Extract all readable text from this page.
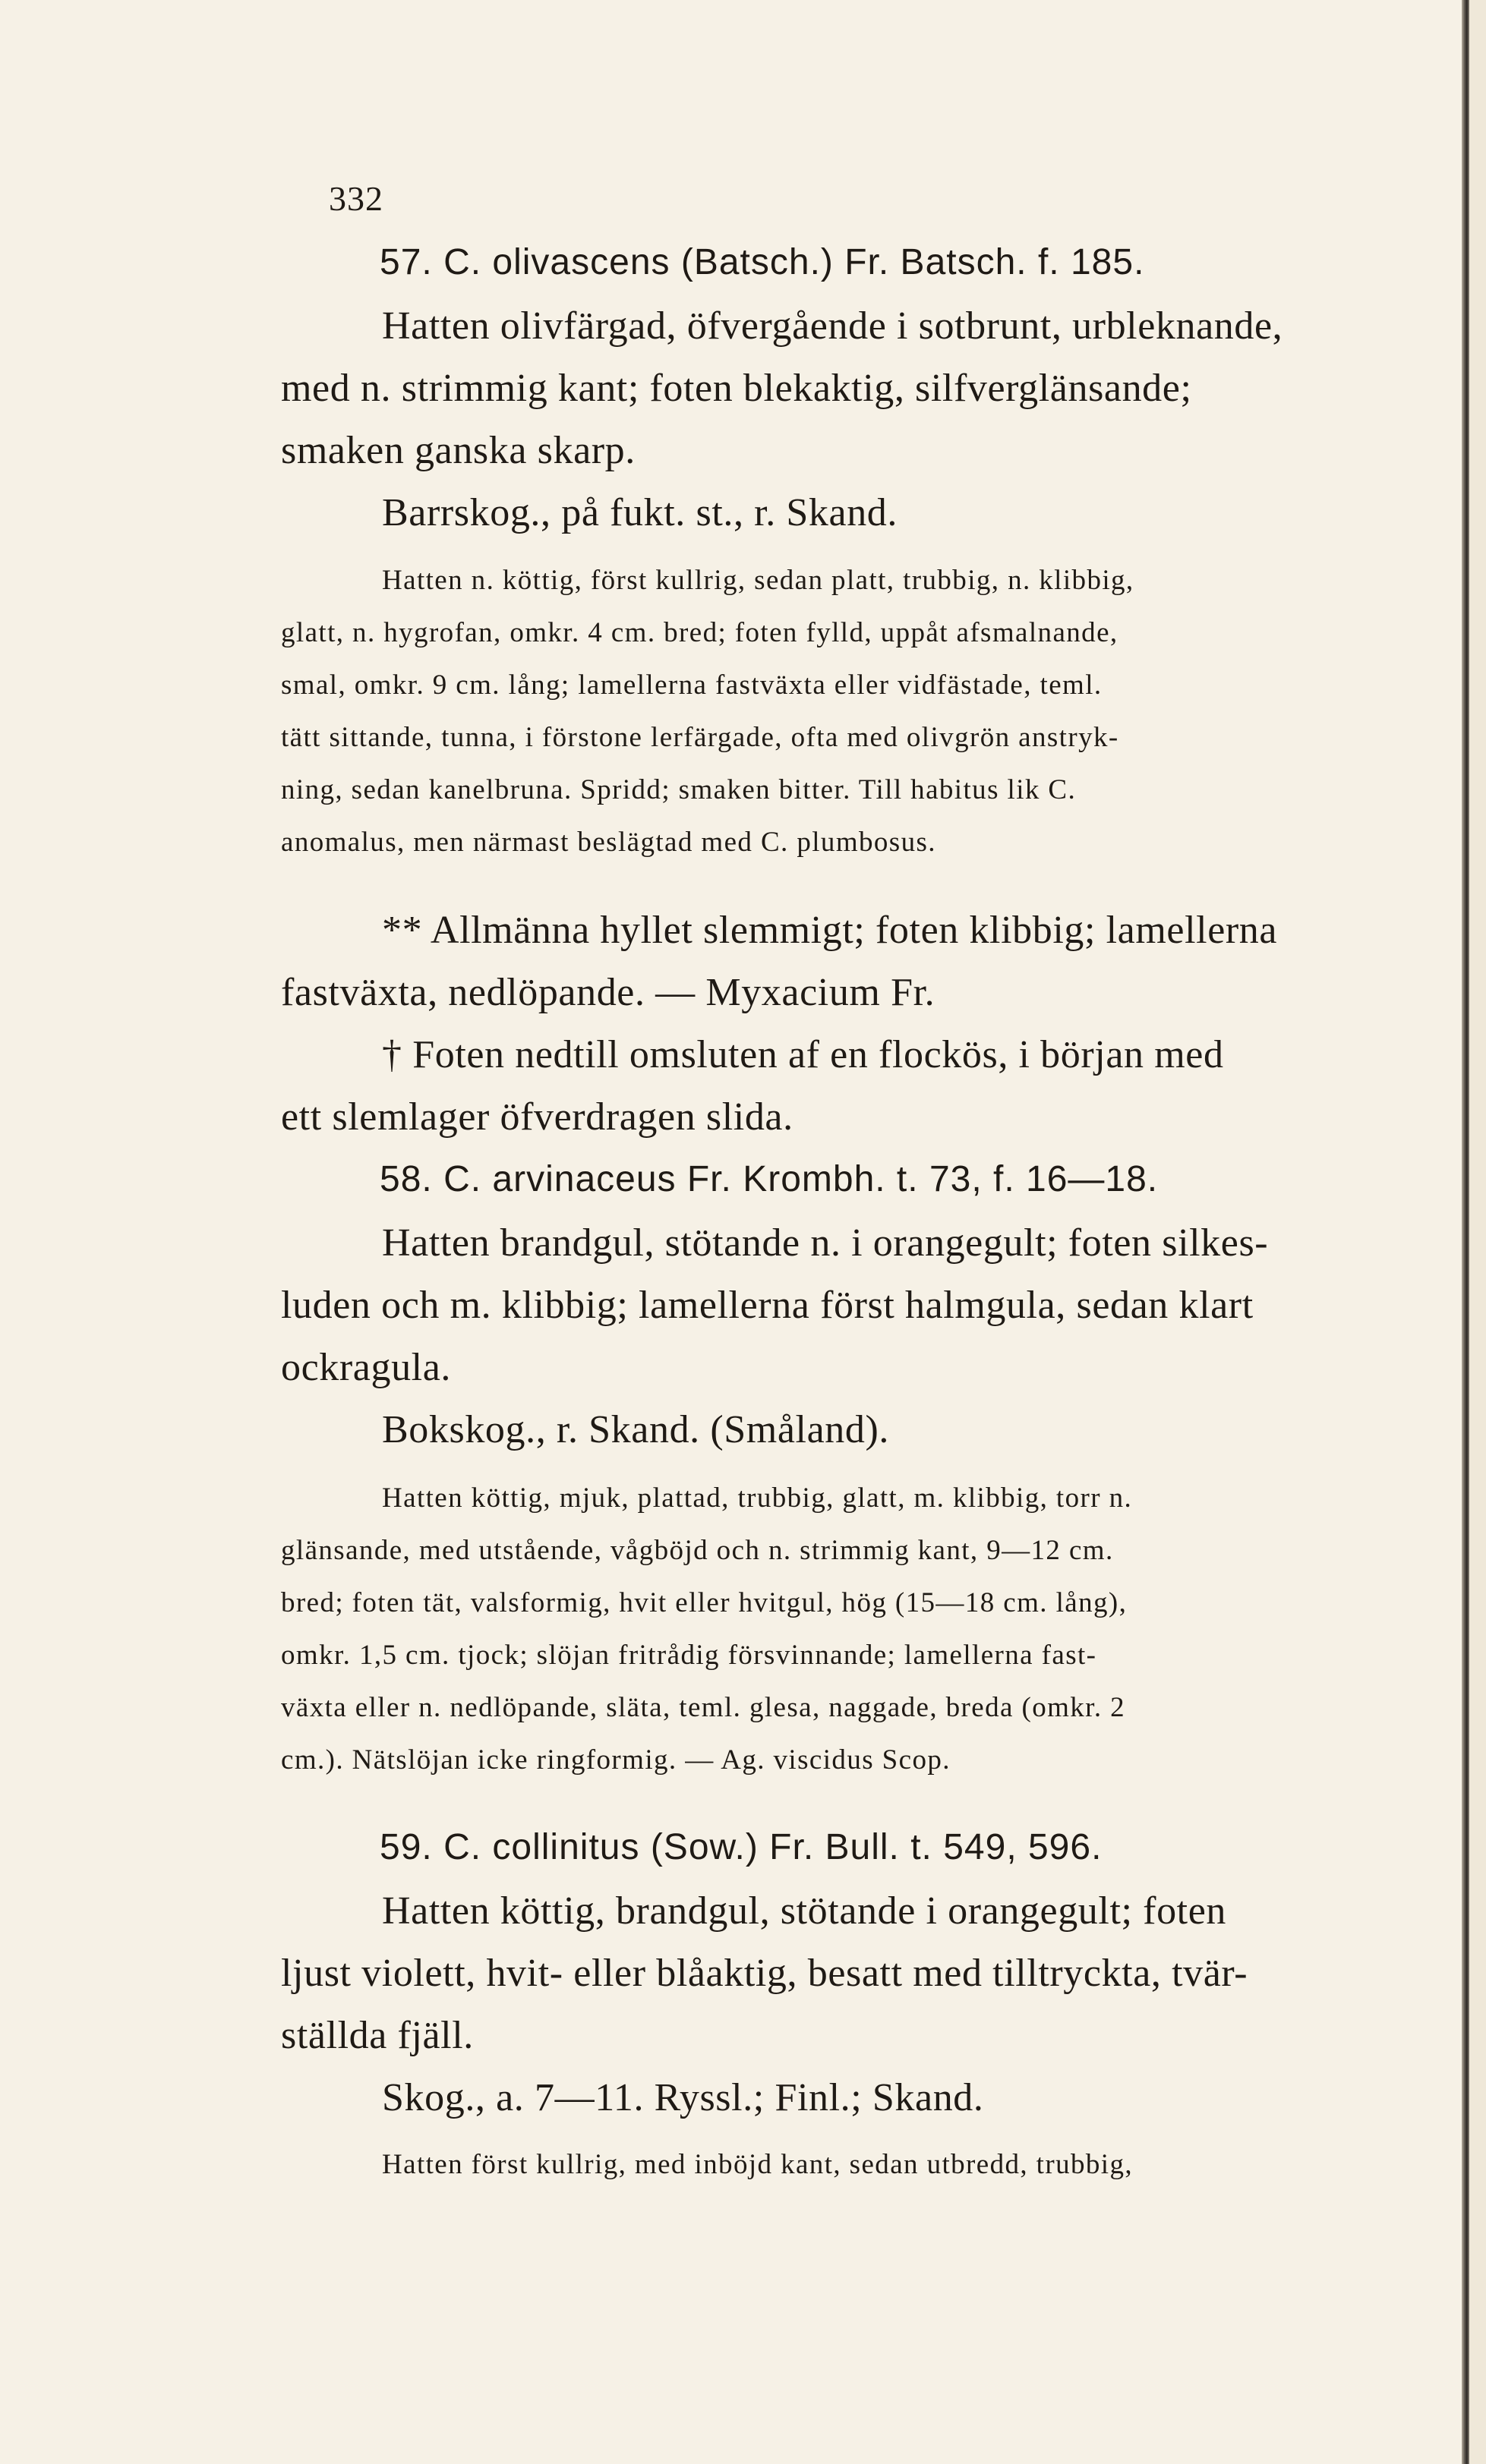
332
57. C. olivascens (Batsch.) Fr. Batsch. f. 185.
Hatten olivfärgad, öfvergående i sotbrunt, urbleknande,
med n. strimmig kant; foten blekaktig, silfverglänsande;
smaken ganska skarp.
Barrskog., på fukt. st., r. Skand.
Hatten n. köttig, först kullrig, sedan platt, trubbig, n. klibbig,
glatt, n. hygrofan, omkr. 4 cm. bred; foten fylld, uppåt afsmalnande,
smal, omkr. 9 cm. lång; lamellerna fastväxta eller vidfästade, teml.
tätt sittande, tunna, i förstone lerfärgade, ofta med olivgrön anstryk-
ning, sedan kanelbruna. Spridd; smaken bitter. Till habitus lik C.
anomalus, men närmast beslägtad med C. plumbosus.
** Allmänna hyllet slemmigt; foten klibbig; lamellerna
fastväxta, nedlöpande. — Myxacium Fr.
† Foten nedtill omsluten af en flockös, i början med
ett slemlager öfverdragen slida.
58. C. arvinaceus Fr. Krombh. t. 73, f. 16—18.
Hatten brandgul, stötande n. i orangegult; foten silkes-
luden och m. klibbig; lamellerna först halmgula, sedan klart
ockragula.
Bokskog., r. Skand. (Småland).
Hatten köttig, mjuk, plattad, trubbig, glatt, m. klibbig, torr n.
glänsande, med utstående, vågböjd och n. strimmig kant, 9—12 cm.
bred; foten tät, valsformig, hvit eller hvitgul, hög (15—18 cm. lång),
omkr. 1,5 cm. tjock; slöjan fritrådig försvinnande; lamellerna fast-
växta eller n. nedlöpande, släta, teml. glesa, naggade, breda (omkr. 2
cm.). Nätslöjan icke ringformig. — Ag. viscidus Scop.
59. C. collinitus (Sow.) Fr. Bull. t. 549, 596.
Hatten köttig, brandgul, stötande i orangegult; foten
ljust violett, hvit- eller blåaktig, besatt med tilltryckta, tvär-
ställda fjäll.
Skog., a. 7—11. Ryssl.; Finl.; Skand.
Hatten först kullrig, med inböjd kant, sedan utbredd, trubbig,
